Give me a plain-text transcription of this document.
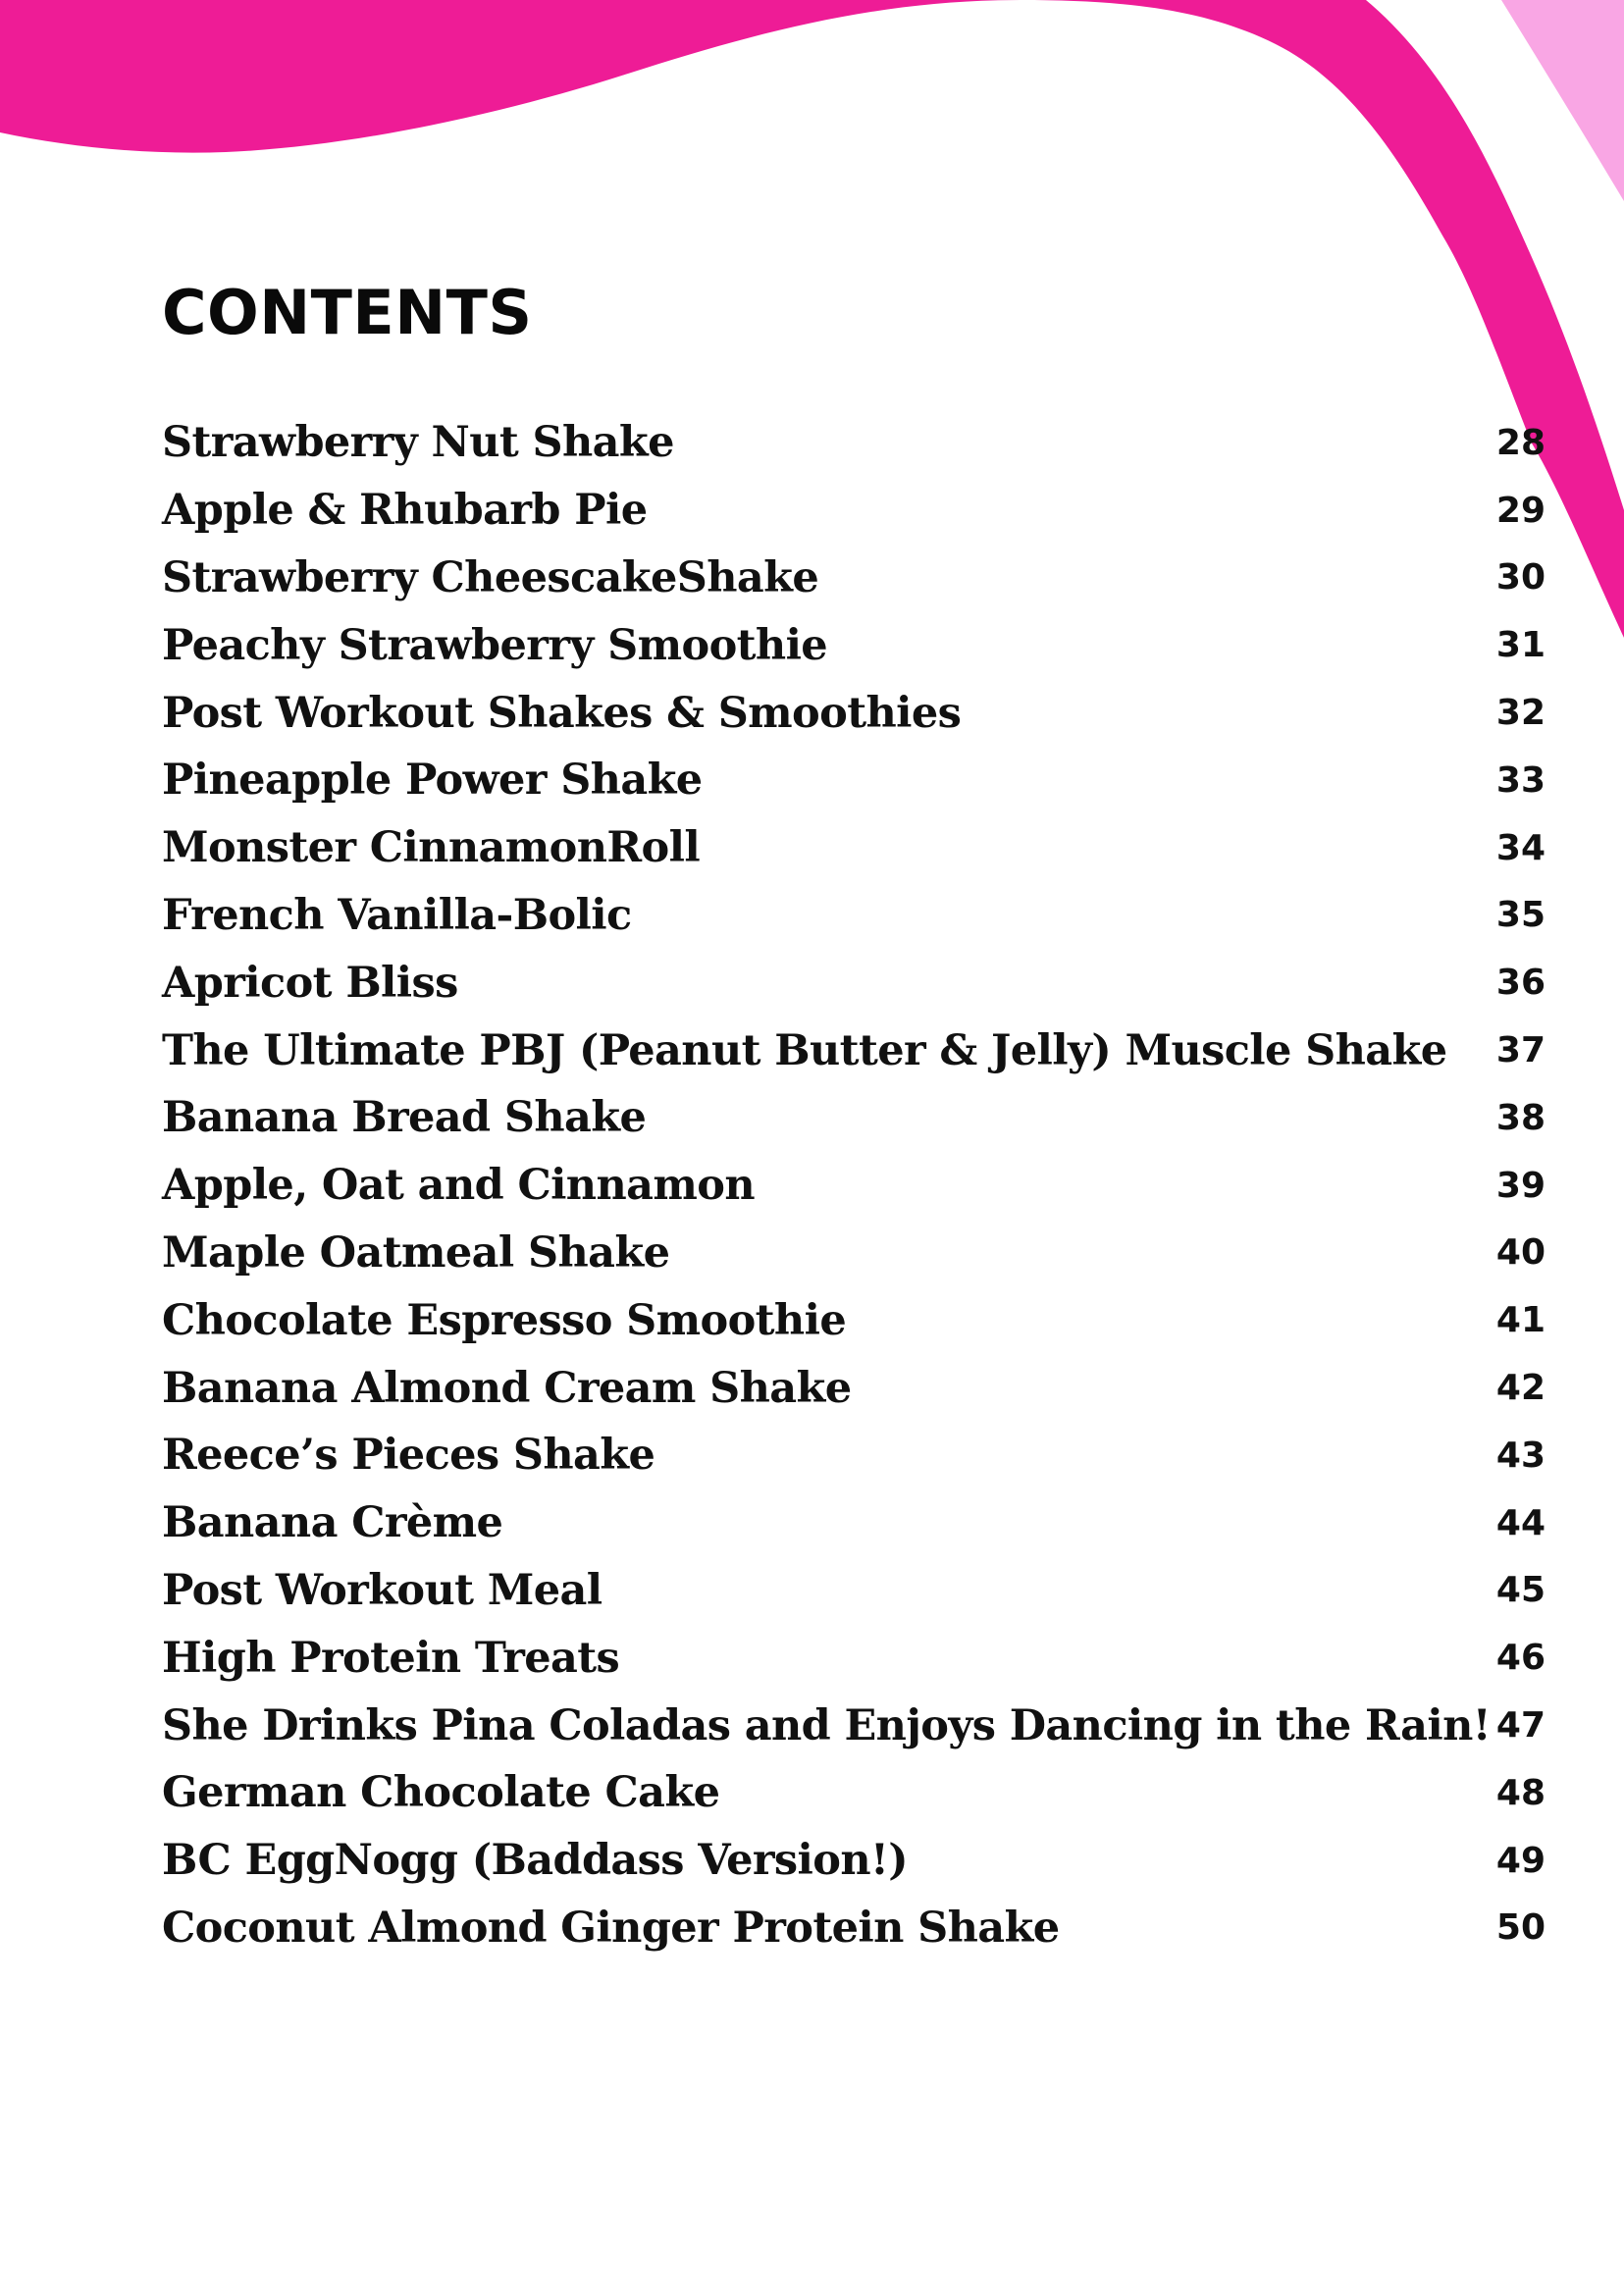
CONTENTS
Strawberry Nut Shake	28
Apple & Rhubarb Pie	29
Strawberry CheescakeShake	30
Peachy Strawberry Smoothie	31
Post Workout Shakes & Smoothies	32
Pineapple Power Shake	33
Monster CinnamonRoll	34
French Vanilla-Bolic	35
Apricot Bliss	36
The Ultimate PBJ (Peanut Butter & Jelly) Muscle Shake	37
Banana Bread Shake	38
Apple, Oat and Cinnamon	39
Maple Oatmeal Shake	40
Chocolate Espresso Smoothie	41
Banana Almond Cream Shake	42
Reece’s Pieces Shake	43
Banana Crème	44
Post Workout Meal	45
High Protein Treats	46
She Drinks Pina Coladas and Enjoys Dancing in the Rain! 47
German Chocolate Cake	48
BC EggNogg (Baddass Version!)	49
Coconut Almond Ginger Protein Shake	50
